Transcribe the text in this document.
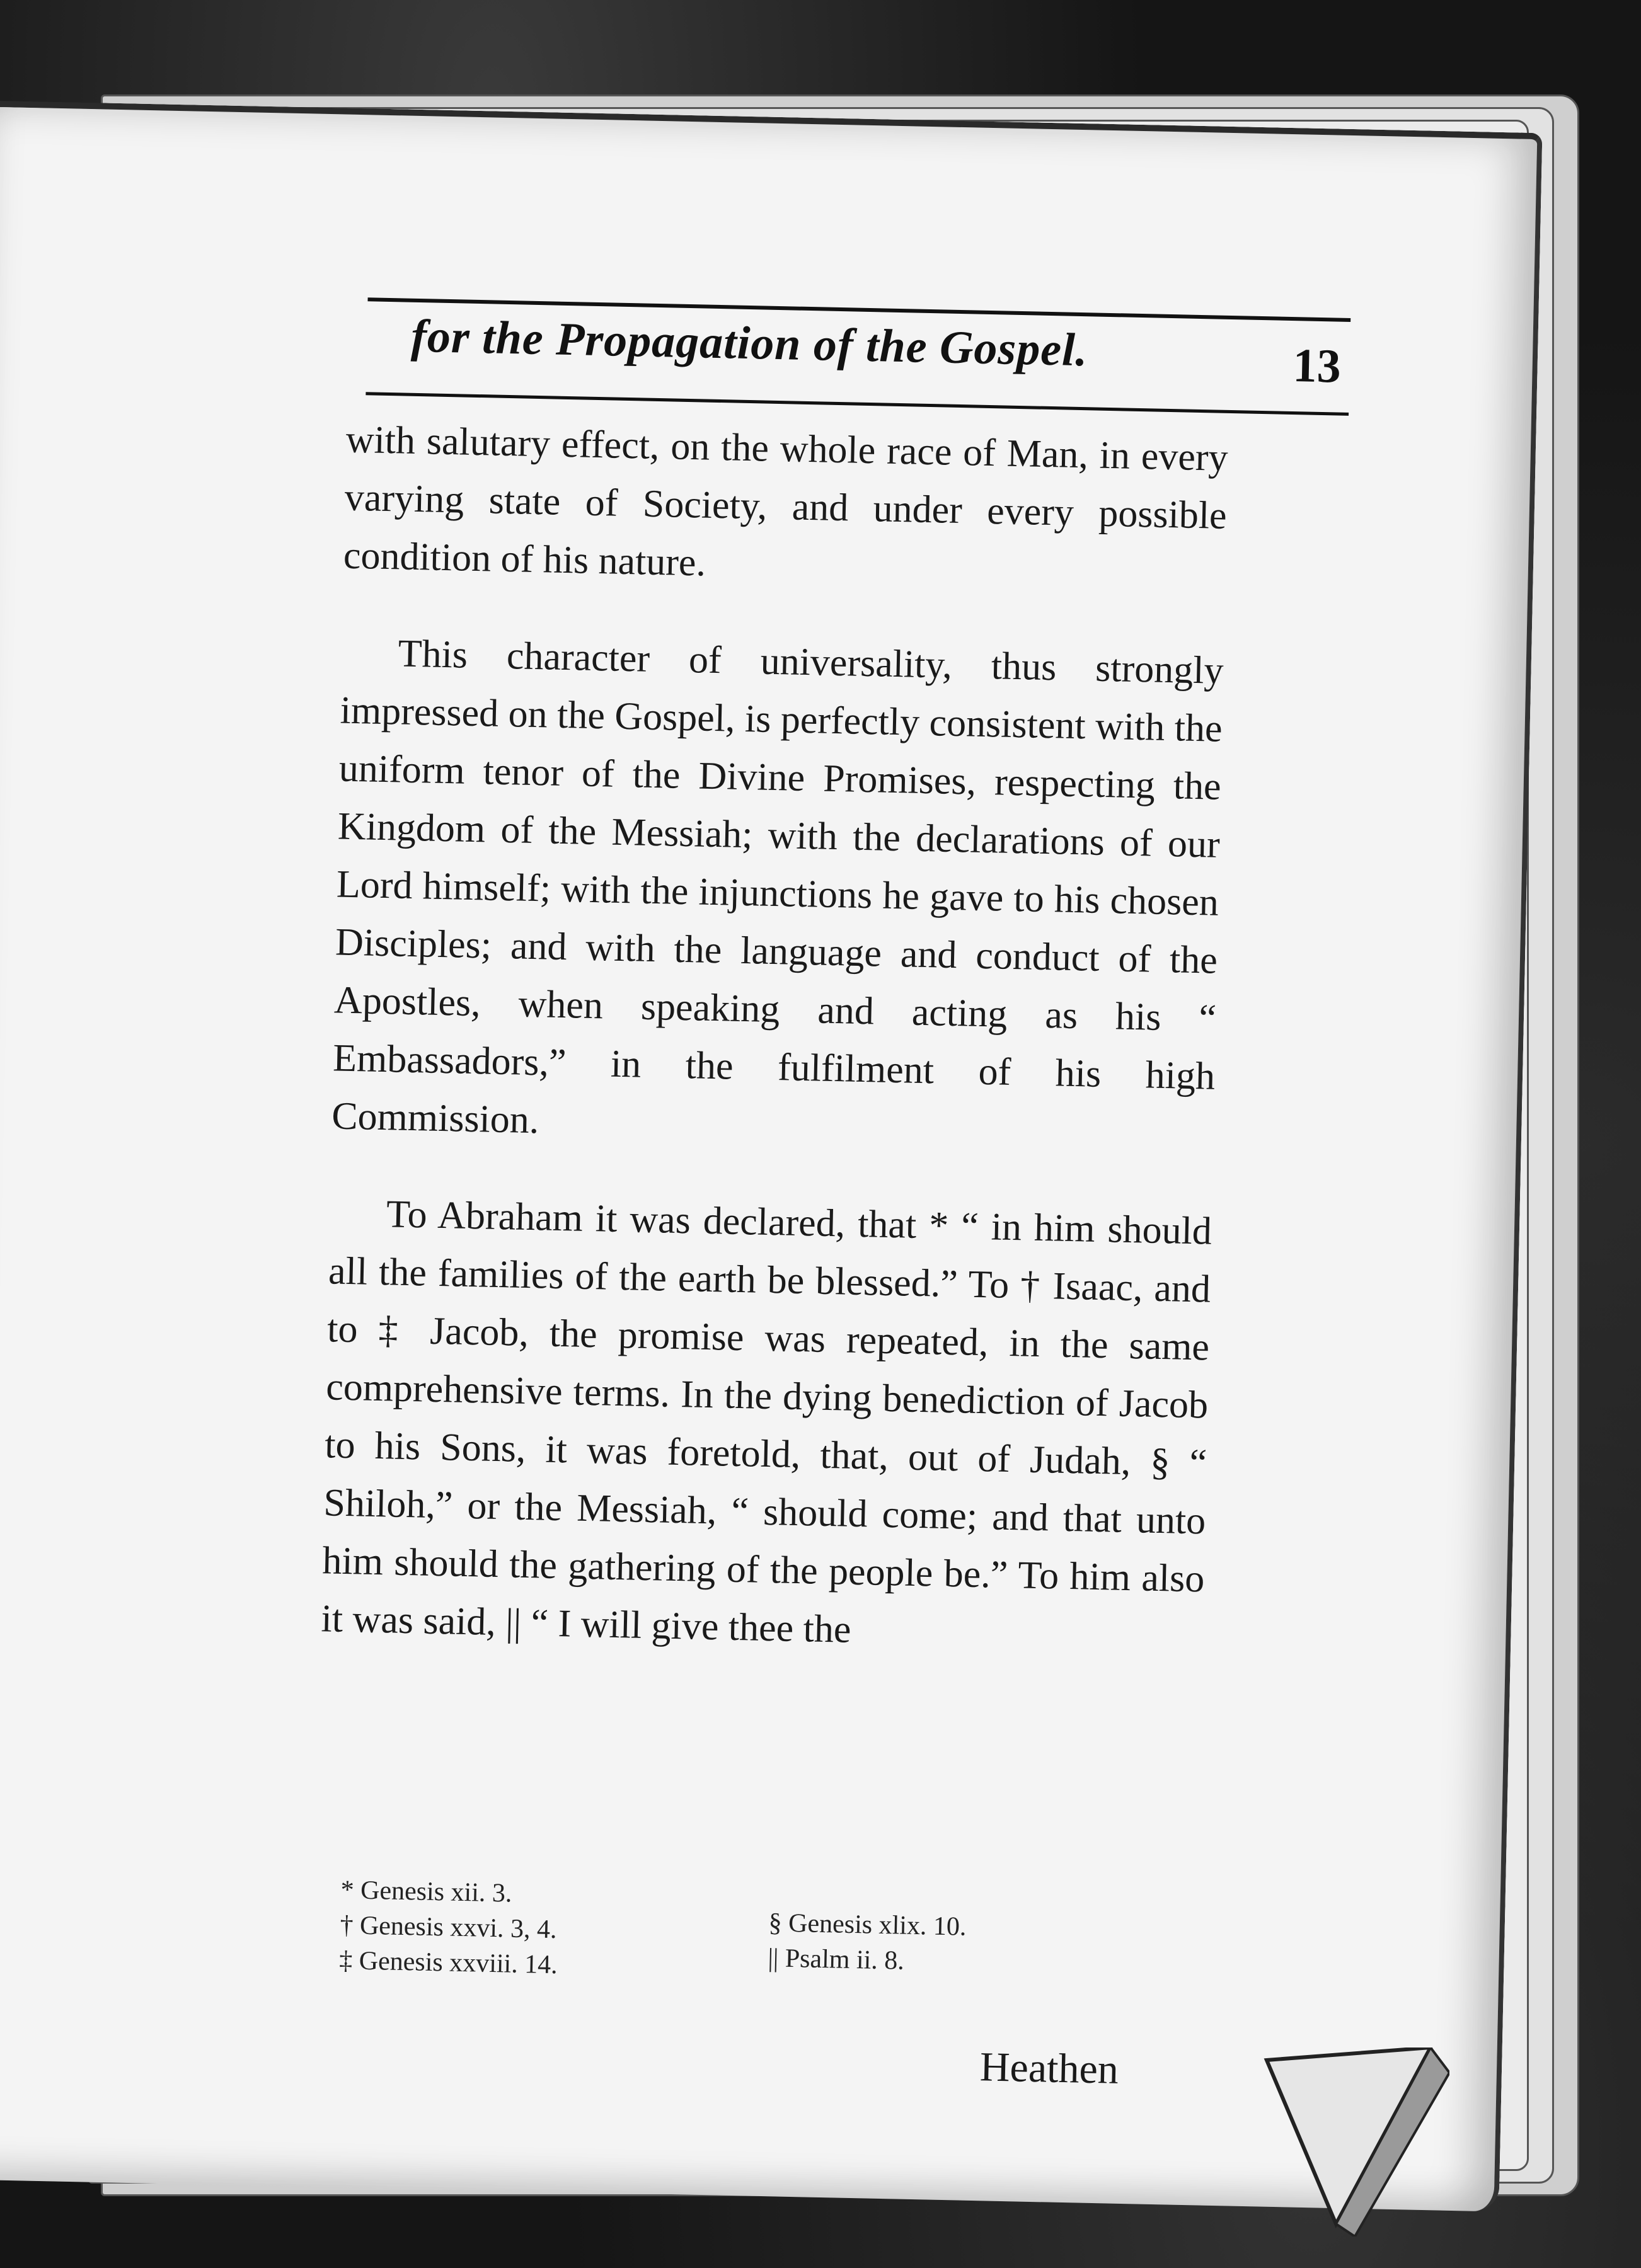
for the Propagation of the Gospel.	13

with salutary effect, on the whole race of Man, in every varying state of Society, and under every possible condition of his nature.

This character of universality, thus strongly impressed on the Gospel, is perfectly consistent with the uniform tenor of the Divine Promises, respecting the Kingdom of the Messiah; with the declarations of our Lord himself; with the injunctions he gave to his chosen Disciples; and with the language and conduct of the Apostles, when speaking and acting as his “ Embassadors,” in the fulfilment of his high Commission.

To Abraham it was declared, that * “ in him should all the families of the earth be blessed.” To † Isaac, and to ‡ Jacob, the promise was repeated, in the same comprehensive terms. In the dying benediction of Jacob to his Sons, it was foretold, that, out of Judah, § “ Shiloh,” or the Messiah, “ should come; and that unto him should the gathering of the people be.” To him also it was said, || “ I will give thee the

* Genesis xii. 3.
† Genesis xxvi. 3, 4.
‡ Genesis xxviii. 14.
§ Genesis xlix. 10.
|| Psalm ii. 8.
Heathen
